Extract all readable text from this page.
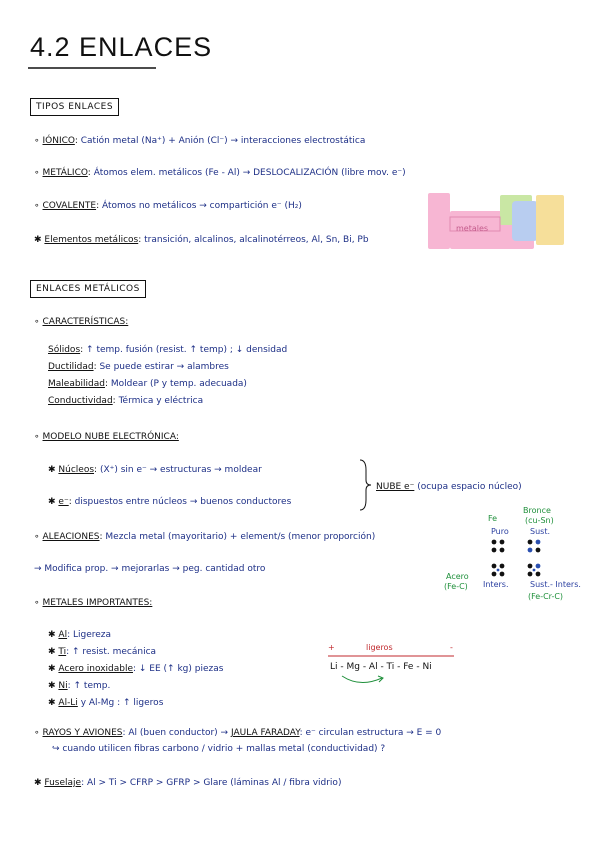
4.2 ENLACES
TIPOS ENLACES
∘ IÓNICO: Catión metal (Na⁺) + Anión (Cl⁻) → interacciones electrostática
∘ METÁLICO: Átomos elem. metálicos (Fe - Al) → DESLOCALIZACIÓN (libre mov. e⁻)
∘ COVALENTE: Átomos no metálicos → compartición e⁻ (H₂)
✱ Elementos metálicos: transición, alcalinos, alcalinotérreos, Al, Sn, Bi, Pb
metales
ENLACES METÁLICOS
∘ CARACTERÍSTICAS:
Sólidos: ↑ temp. fusión (resist. ↑ temp) ; ↓ densidad
Ductilidad: Se puede estirar → alambres
Maleabilidad: Moldear (P y temp. adecuada)
Conductividad: Térmica y eléctrica
∘ MODELO NUBE ELECTRÓNICA:
✱ Núcleos: (X⁺) sin e⁻ → estructuras → moldear
✱ e⁻: dispuestos entre núcleos → buenos conductores
NUBE e⁻ (ocupa espacio núcleo)
∘ ALEACIONES: Mezcla metal (mayoritario) + element/s (menor proporción)
→ Modifica prop. → mejorarlas → peg. cantidad otro
Fe
Bronce
(cu-Sn)
Puro	Sust.
Acero
(Fe-C) Inters.	Sust.- Inters.
(Fe-Cr-C)
∘ METALES IMPORTANTES:
✱ Al: Ligereza
✱ Ti: ↑ resist. mecánica
✱ Acero inoxidable: ↓ EE (↑ kg) piezas
✱ Ni: ↑ temp.
✱ Al-Li y Al-Mg : ↑ ligeros
+	ligeros	-
Li - Mg - Al - Ti - Fe - Ni
∘ RAYOS Y AVIONES: Al (buen conductor) → JAULA FARADAY: e⁻ circulan estructura → E = 0
↪ cuando utilicen fibras carbono / vidrio + mallas metal (conductividad) ?
✱ Fuselaje: Al > Ti > CFRP > GFRP > Glare (láminas Al / fibra vidrio)
